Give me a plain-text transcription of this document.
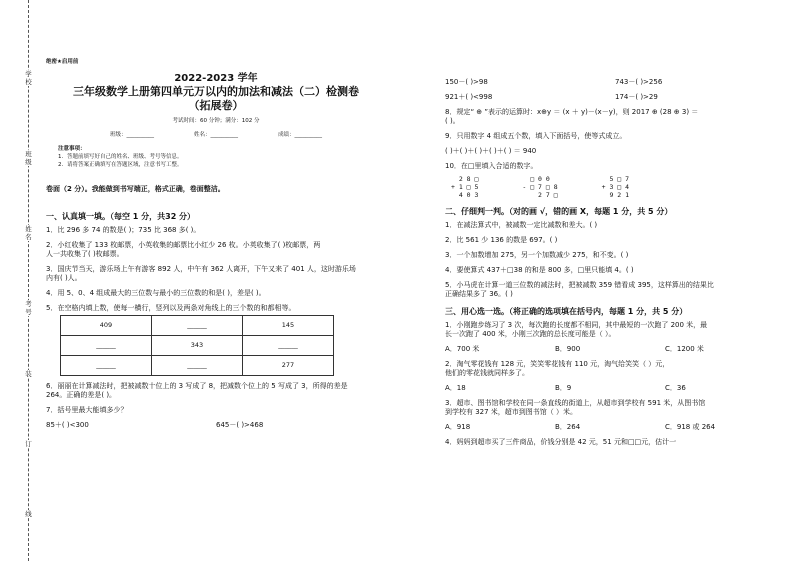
学校
班级
姓名
考号
装
订
线
绝密★启用前
2022-2023 学年
三年级数学上册第四单元万以内的加法和减法（二）检测卷
（拓展卷）
考试时间：60 分钟；满分：102 分
班级：__________	姓名：__________	成绩：__________
注意事项：
1．答题前填写好自己的姓名、班级、考号等信息。
2．请将答案正确填写在答题区域，注意书写工整。
卷面（2 分）。我能做到书写端正，格式正确，卷面整洁。
一、认真填一填。（每空 1 分，共32 分）
1．比 296 多 74 的数是( )；735 比 368 多( )。
2．小红收集了 133 枚邮票，小英收集的邮票比小红少 26 枚。小英收集了( )枚邮票，两
人一共收集了( )枚邮票。
3．国庆节当天，游乐场上午有游客 892 人，中午有 362 人离开，下午又来了 401 人，这时游乐场
内有( )人。
4．用 5、0、4 组成最大的三位数与最小的三位数的和是( )，差是( )。
5．在空格内填上数，使每一横行，竖列以及两条对角线上的三个数的和都相等。
409	______	145
______	343	______
______	______	277
6．丽丽在计算减法时，把被减数十位上的 3 写成了 8，把减数个位上的 5 写成了 3，所得的差是
264。正确的差是( )。
7．括号里最大能填多少？
85＋( )<300	645－( )>468
150－( )>98	743－( )>256
921＋( )<998	174－( )>29
8．规定“ ⊕ ”表示的运算时：x⊕y ＝ (x ＋ y)－(x－y)，则 2017 ⊕ (28 ⊕ 3) ＝
( )。
9．只用数字 4 组成五个数，填入下面括号，使等式成立。
( )＋( )＋( )＋( )＋( ) ＝ 940
10．在□里填入合适的数字。
2 8 □
+ 1 □ 5
4 0 3
□ 0 0
- □ 7 □ 8
2 7 □
5 □ 7
+ 3 □ 4
9 2 1
二、仔细判一判。（对的画 √，错的画 X，每题 1 分，共 5 分）
1．在减法算式中，被减数一定比减数和差大。( )
2．比 561 少 136 的数是 697。( )
3．一个加数增加 275，另一个加数减少 275，和不变。( )
4．要使算式 437＋□38 的和是 800 多，□里只能填 4。( )
5．小马虎在计算一道三位数的减法时，把被减数 359 错看成 395，这样算出的结果比
正确结果多了 36。( )
三、用心选一选。（将正确的选项填在括号内，每题 1 分，共 5 分）
1．小刚跑步练习了 3 次，每次跑的长度都不相同，其中最短的一次跑了 200 米，最
长一次跑了 400 米，小刚三次跑的总长度可能是（ ）。
A．700 米	B．900	C．1200 米
2．淘气零花钱有 128 元，笑笑零花钱有 110 元，淘气给笑笑（ ）元，
他们的零花钱就同样多了。
A．18	B．9	C．36
3．超市、图书馆和学校在同一条直线的街道上，从超市到学校有 591 米，从图书馆
到学校有 327 米，超市到图书馆（ ）米。
A．918	B．264	C．918 或 264
4．妈妈到超市买了三件商品，价钱分别是 42 元，51 元和□□元，估计一
